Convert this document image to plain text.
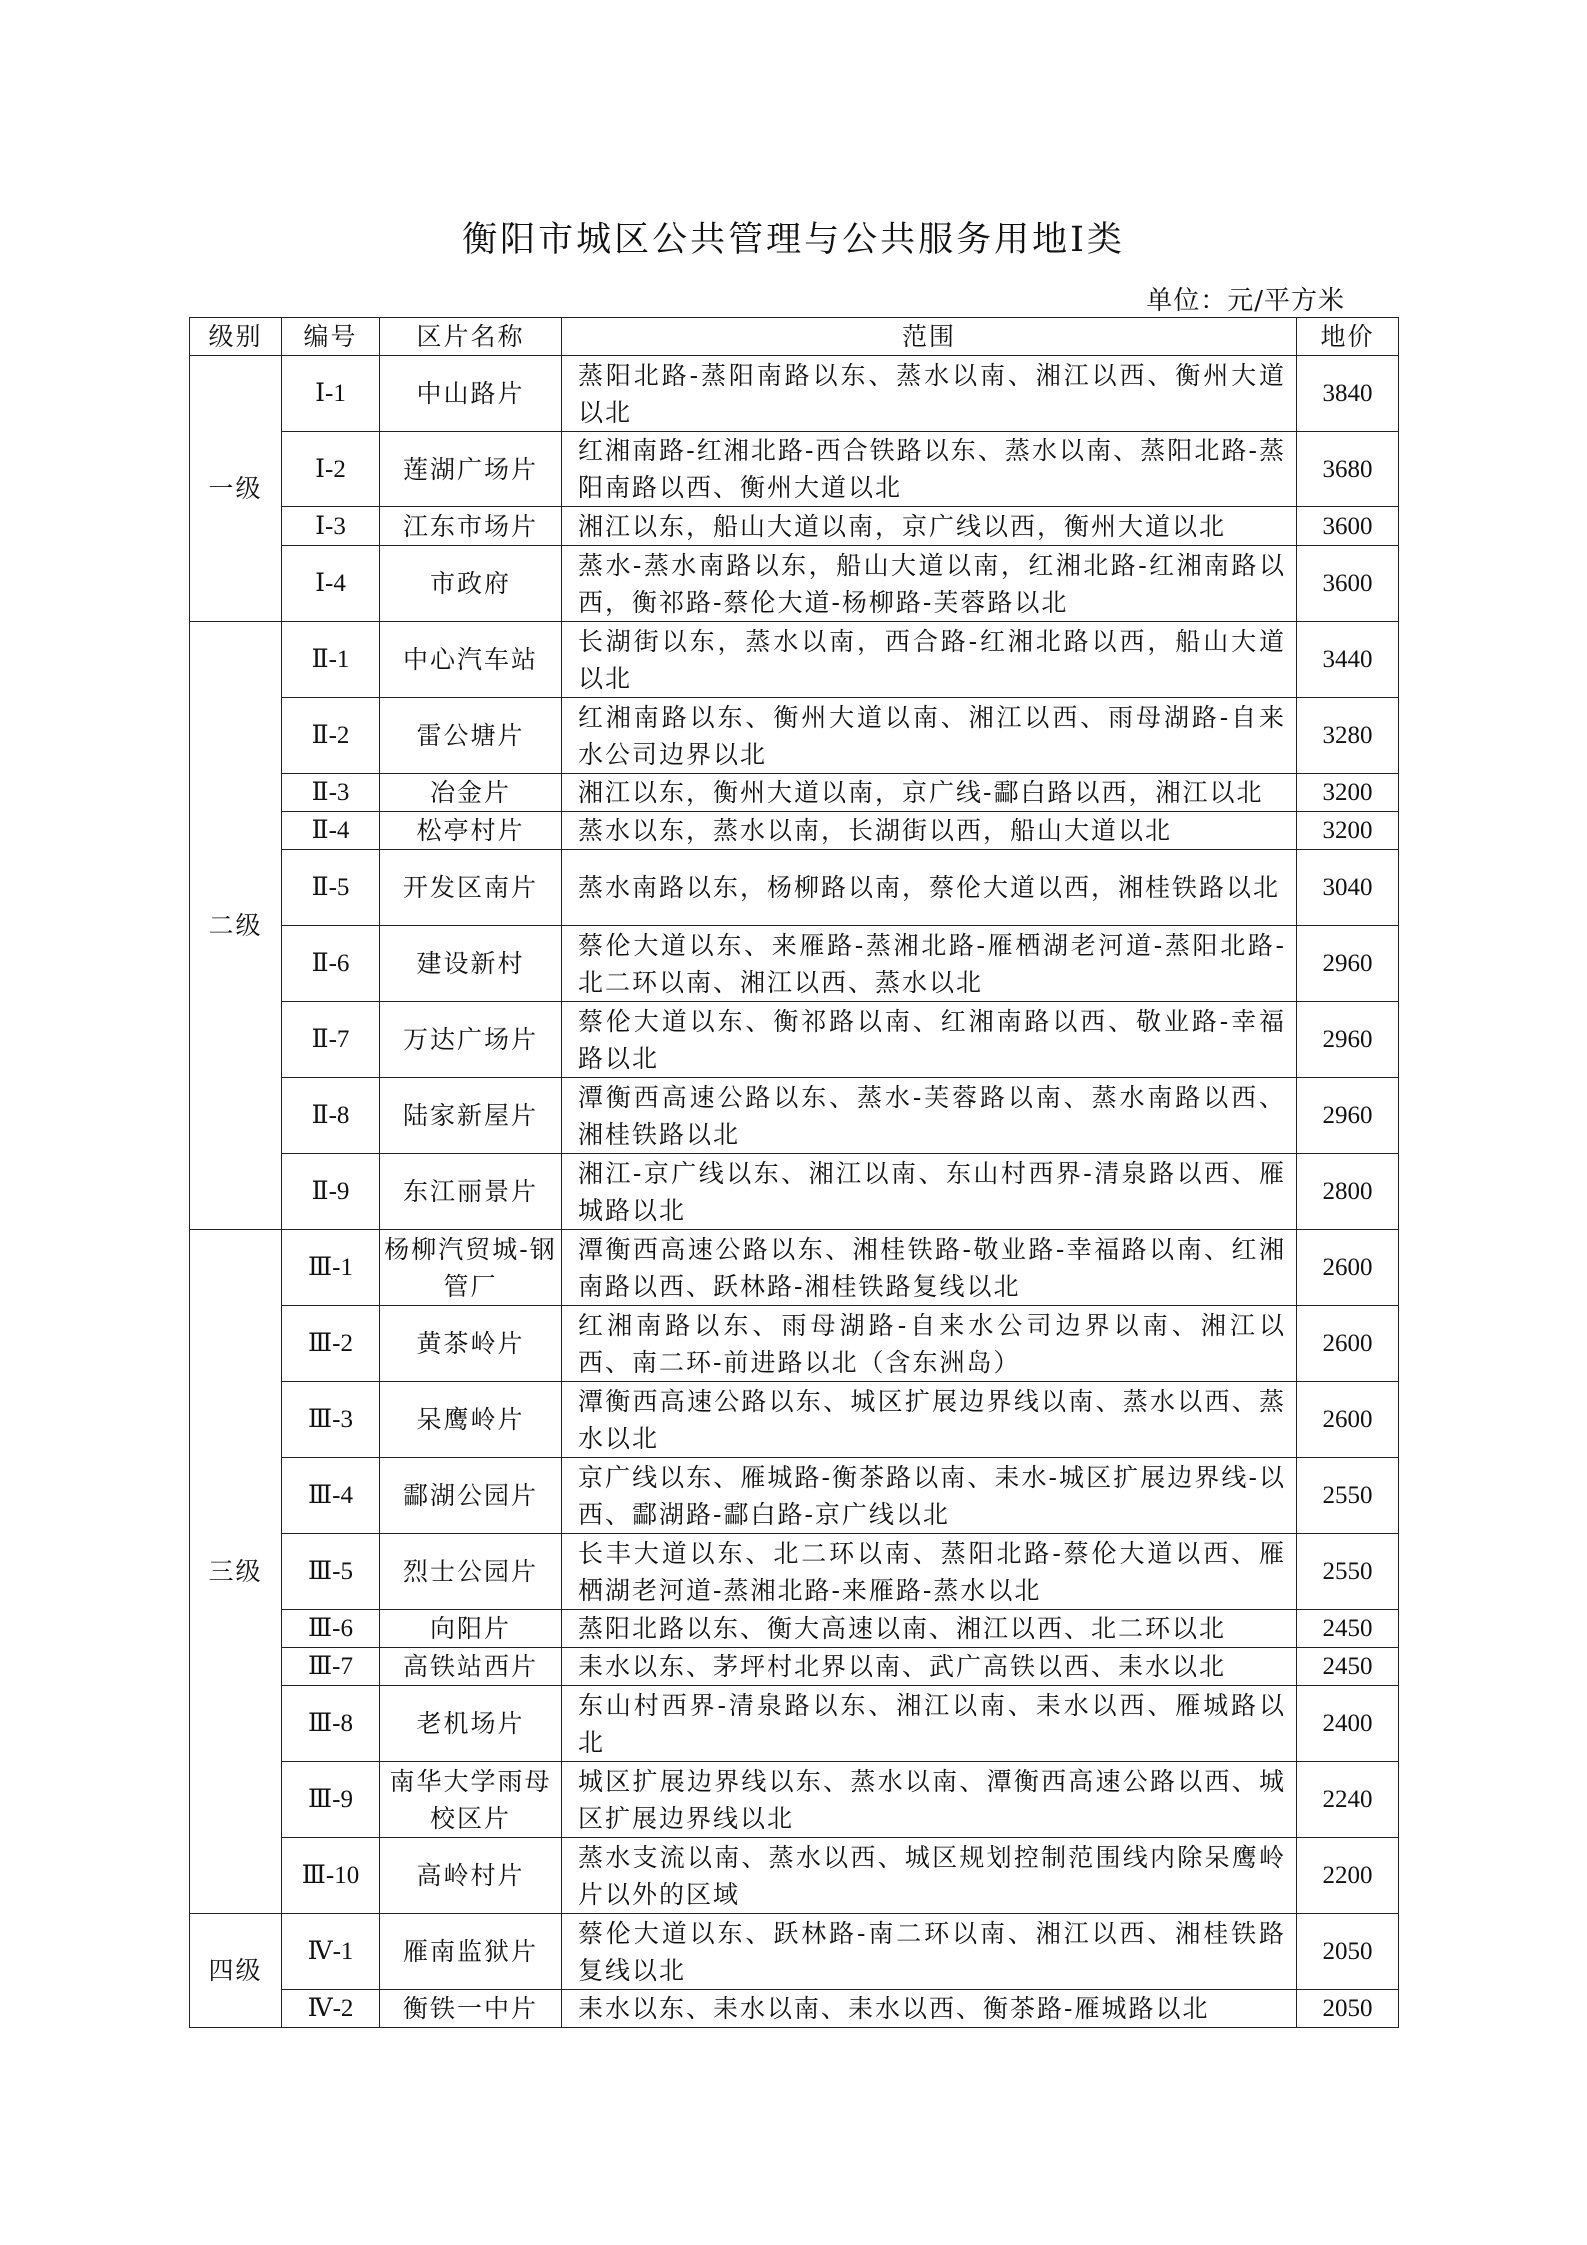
衡阳市城区公共管理与公共服务用地Ⅰ类
单位：元/平方米
级别	编号	区片名称	范围	地价
一级	Ⅰ-1	中山路片	蒸阳北路-蒸阳南路以东、蒸水以南、湘江以西、衡州大道以北	3840
	Ⅰ-2	莲湖广场片	红湘南路-红湘北路-西合铁路以东、蒸水以南、蒸阳北路-蒸阳南路以西、衡州大道以北	3680
	Ⅰ-3	江东市场片	湘江以东，船山大道以南，京广线以西，衡州大道以北	3600
	Ⅰ-4	市政府	蒸水-蒸水南路以东，船山大道以南，红湘北路-红湘南路以西，衡祁路-蔡伦大道-杨柳路-芙蓉路以北	3600
二级	Ⅱ-1	中心汽车站	长湖街以东，蒸水以南，西合路-红湘北路以西，船山大道以北	3440
	Ⅱ-2	雷公塘片	红湘南路以东、衡州大道以南、湘江以西、雨母湖路-自来水公司边界以北	3280
	Ⅱ-3	冶金片	湘江以东，衡州大道以南，京广线-酃白路以西，湘江以北	3200
	Ⅱ-4	松亭村片	蒸水以东，蒸水以南，长湖街以西，船山大道以北	3200
	Ⅱ-5	开发区南片	蒸水南路以东，杨柳路以南，蔡伦大道以西，湘桂铁路以北	3040
	Ⅱ-6	建设新村	蔡伦大道以东、来雁路-蒸湘北路-雁栖湖老河道-蒸阳北路-北二环以南、湘江以西、蒸水以北	2960
	Ⅱ-7	万达广场片	蔡伦大道以东、衡祁路以南、红湘南路以西、敬业路-幸福路以北	2960
	Ⅱ-8	陆家新屋片	潭衡西高速公路以东、蒸水-芙蓉路以南、蒸水南路以西、湘桂铁路以北	2960
	Ⅱ-9	东江丽景片	湘江-京广线以东、湘江以南、东山村西界-清泉路以西、雁城路以北	2800
三级	Ⅲ-1	杨柳汽贸城-钢管厂	潭衡西高速公路以东、湘桂铁路-敬业路-幸福路以南、红湘南路以西、跃林路-湘桂铁路复线以北	2600
	Ⅲ-2	黄茶岭片	红湘南路以东、雨母湖路-自来水公司边界以南、湘江以西、南二环-前进路以北（含东洲岛）	2600
	Ⅲ-3	呆鹰岭片	潭衡西高速公路以东、城区扩展边界线以南、蒸水以西、蒸水以北	2600
	Ⅲ-4	酃湖公园片	京广线以东、雁城路-衡茶路以南、耒水-城区扩展边界线-以西、酃湖路-酃白路-京广线以北	2550
	Ⅲ-5	烈士公园片	长丰大道以东、北二环以南、蒸阳北路-蔡伦大道以西、雁栖湖老河道-蒸湘北路-来雁路-蒸水以北	2550
	Ⅲ-6	向阳片	蒸阳北路以东、衡大高速以南、湘江以西、北二环以北	2450
	Ⅲ-7	高铁站西片	耒水以东、茅坪村北界以南、武广高铁以西、耒水以北	2450
	Ⅲ-8	老机场片	东山村西界-清泉路以东、湘江以南、耒水以西、雁城路以北	2400
	Ⅲ-9	南华大学雨母校区片	城区扩展边界线以东、蒸水以南、潭衡西高速公路以西、城区扩展边界线以北	2240
	Ⅲ-10	高岭村片	蒸水支流以南、蒸水以西、城区规划控制范围线内除呆鹰岭片以外的区域	2200
四级	Ⅳ-1	雁南监狱片	蔡伦大道以东、跃林路-南二环以南、湘江以西、湘桂铁路复线以北	2050
	Ⅳ-2	衡铁一中片	耒水以东、耒水以南、耒水以西、衡茶路-雁城路以北	2050
